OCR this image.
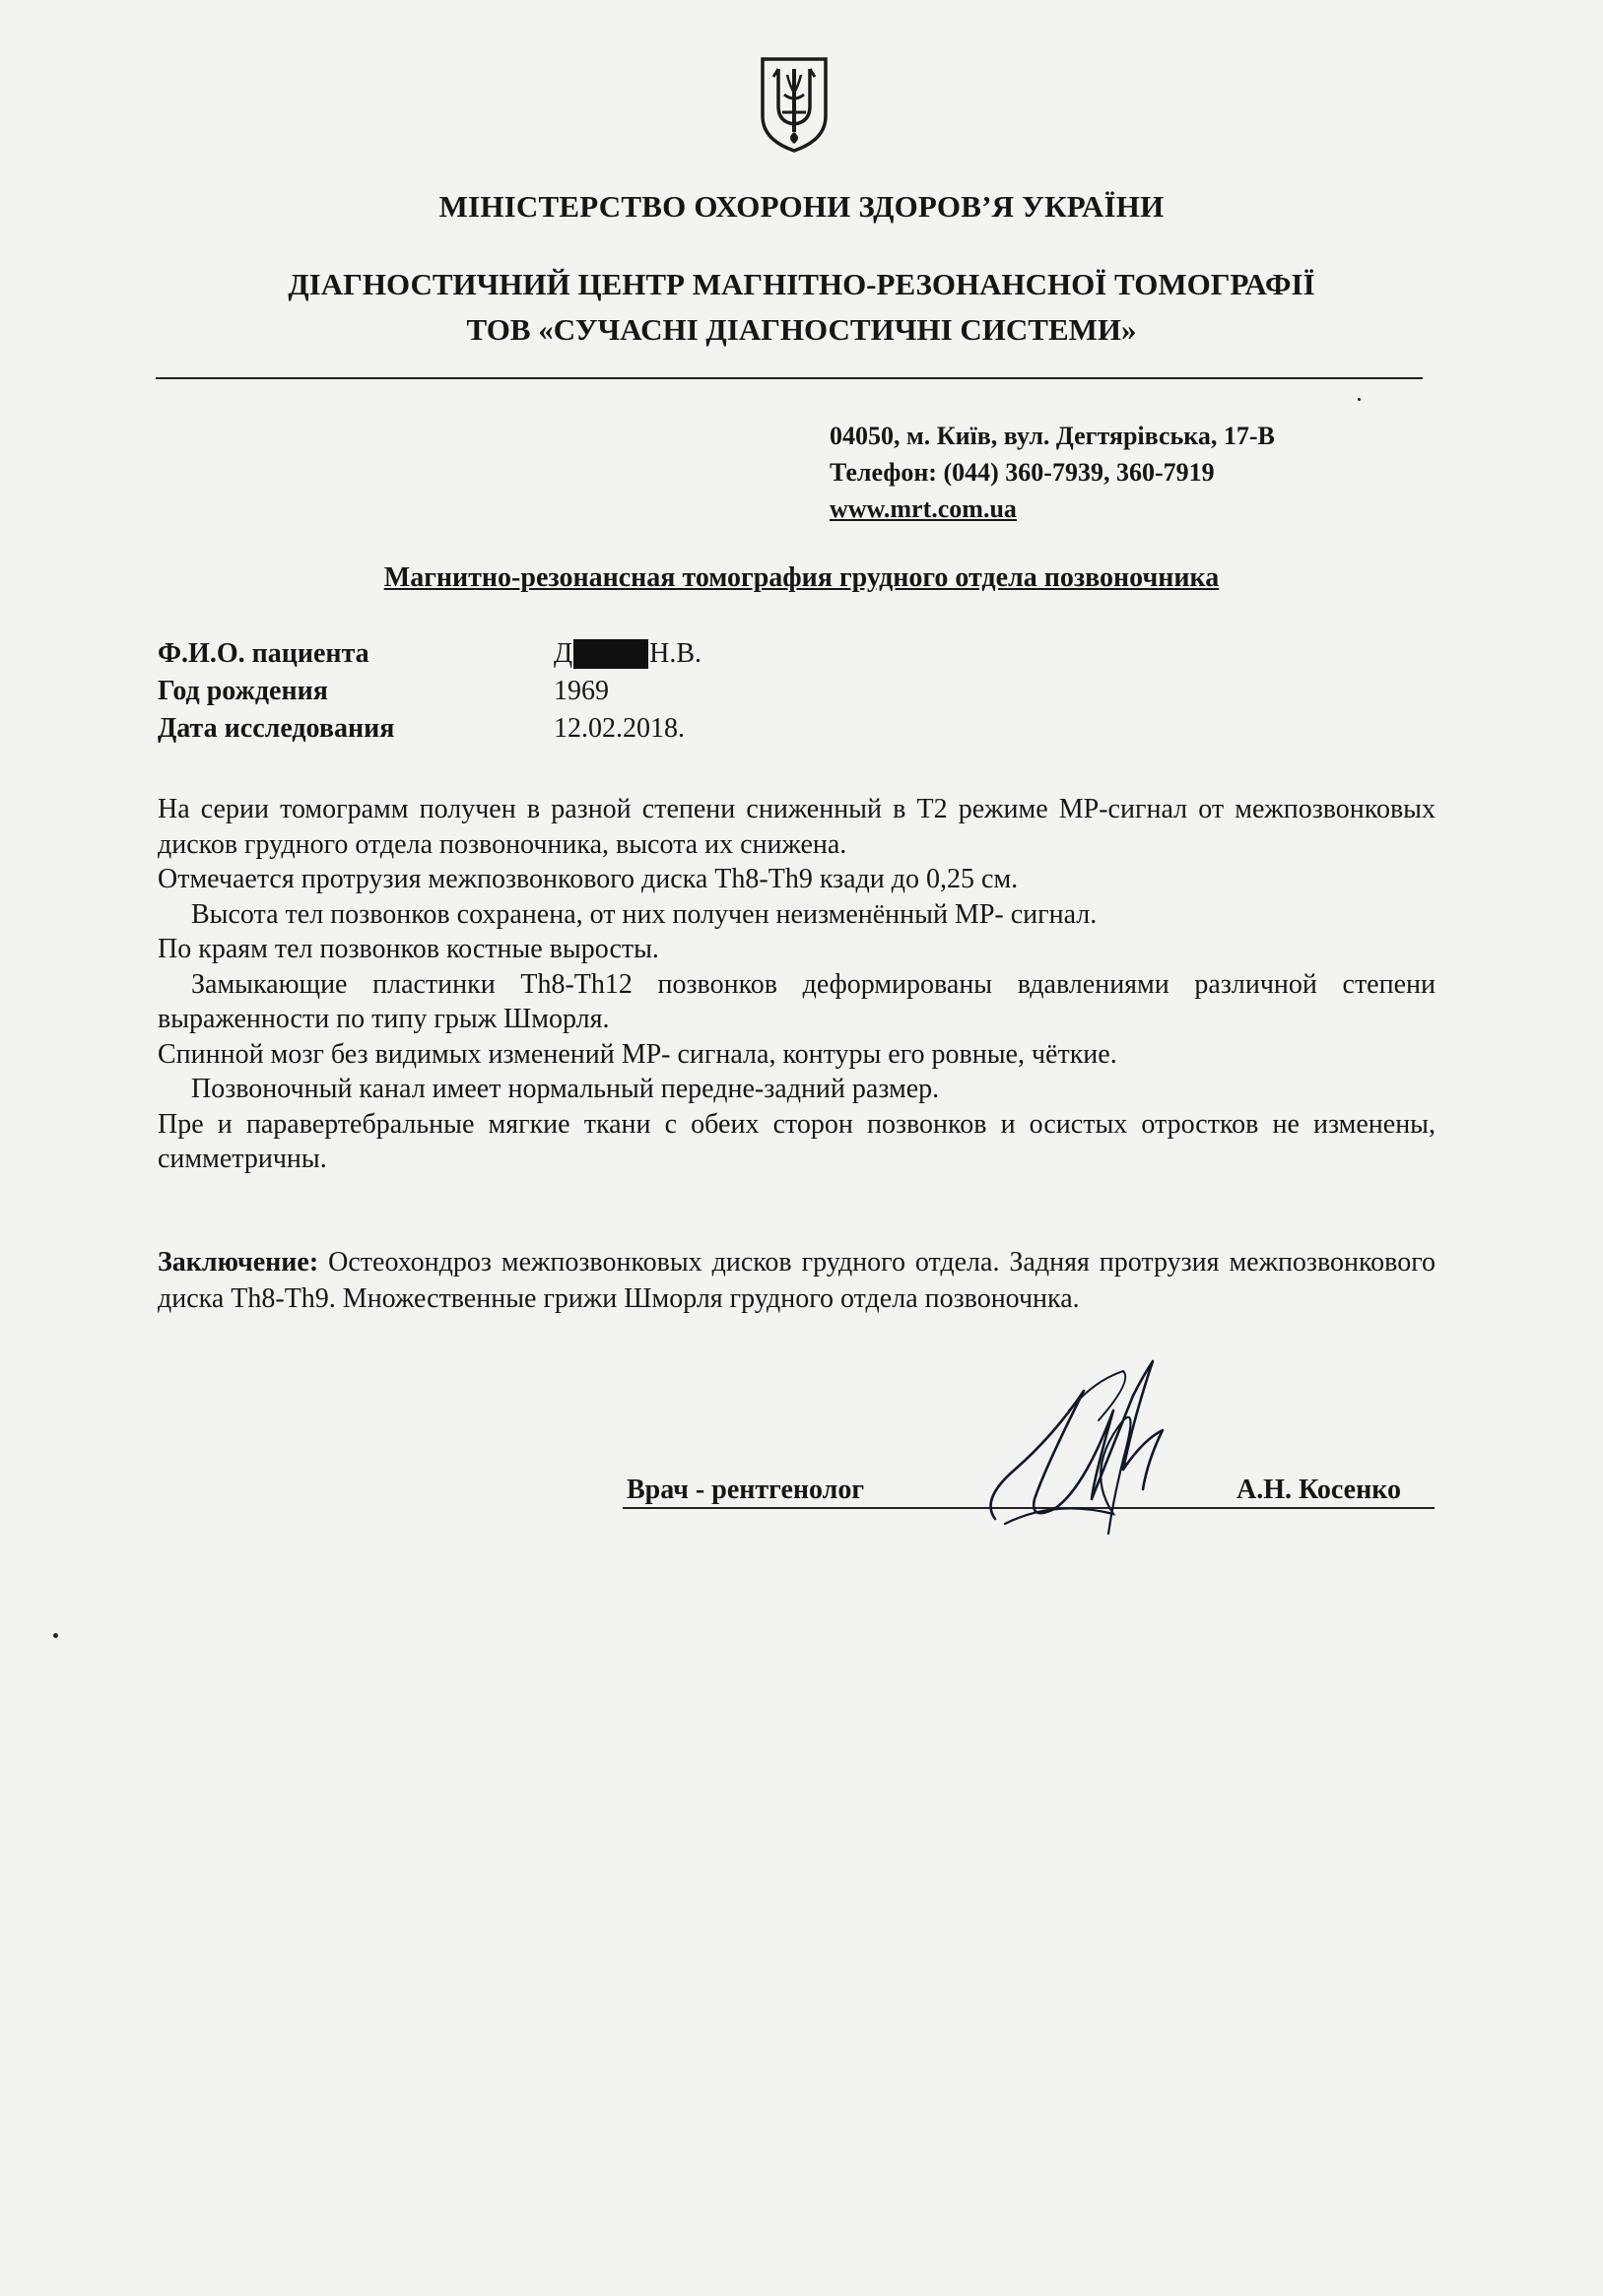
МІНІСТЕРСТВО ОХОРОНИ ЗДОРОВ’Я УКРАЇНИ
ДІАГНОСТИЧНИЙ ЦЕНТР МАГНІТНО-РЕЗОНАНСНОЇ ТОМОГРАФІЇ
ТОВ «СУЧАСНІ ДІАГНОСТИЧНІ СИСТЕМИ»
04050, м. Київ, вул. Дегтярівська, 17-В
Телефон: (044) 360-7939, 360-7919
www.mrt.com.ua
Магнитно-резонансная томография грудного отдела позвоночника
Ф.И.О. пациента	Д	Н.В.
Год рождения	1969
Дата исследования	12.02.2018.

На серии томограмм получен в разной степени сниженный в Т2 режиме МР-сигнал от межпозвонковых дисков грудного отдела позвоночника, высота их снижена.

Отмечается протрузия межпозвонкового диска Th8-Th9 кзади до 0,25 см.

Высота тел позвонков сохранена, от них получен неизменённый МР- сигнал.

По краям тел позвонков костные выросты.

Замыкающие пластинки Th8-Th12 позвонков деформированы вдавлениями различной степени выраженности по типу грыж Шморля.

Спинной мозг без видимых изменений МР- сигнала, контуры его ровные, чёткие.

Позвоночный канал имеет нормальный передне-задний размер.

Пре и паравертебральные мягкие ткани с обеих сторон позвонков и осистых отростков не изменены, симметричны.

Заключение: Остеохондроз межпозвонковых дисков грудного отдела. Задняя протрузия межпозвонкового диска Th8-Th9. Множественные грижи Шморля грудного отдела позвоночнка.
Врач - рентгенолог	А.Н. Косенко
